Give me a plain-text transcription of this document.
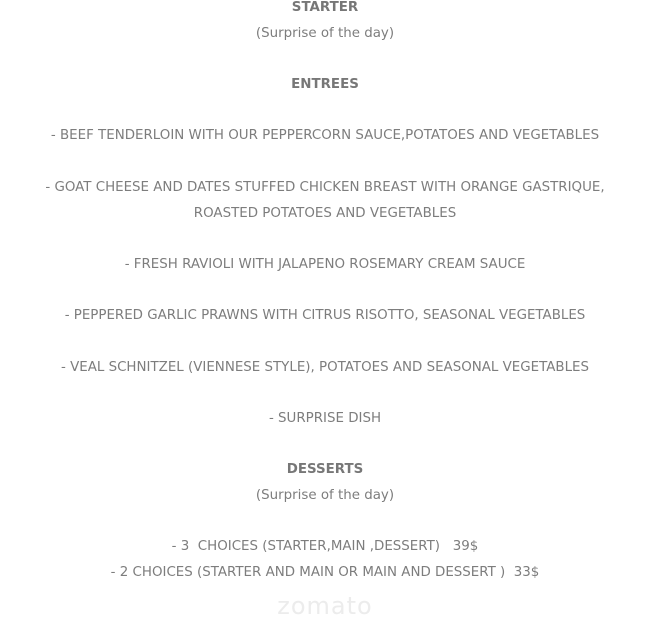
STARTER
(Surprise of the day)
ENTREES
- BEEF TENDERLOIN WITH OUR PEPPERCORN SAUCE,POTATOES AND VEGETABLES
- GOAT CHEESE AND DATES STUFFED CHICKEN BREAST WITH ORANGE GASTRIQUE,
ROASTED POTATOES AND VEGETABLES
- FRESH RAVIOLI WITH JALAPENO ROSEMARY CREAM SAUCE
- PEPPERED GARLIC PRAWNS WITH CITRUS RISOTTO, SEASONAL VEGETABLES
- VEAL SCHNITZEL (VIENNESE STYLE), POTATOES AND SEASONAL VEGETABLES
- SURPRISE DISH
DESSERTS
(Surprise of the day)
- 3  CHOICES (STARTER,MAIN ,DESSERT)   39$
- 2 CHOICES (STARTER AND MAIN OR MAIN AND DESSERT )  33$
zomato
